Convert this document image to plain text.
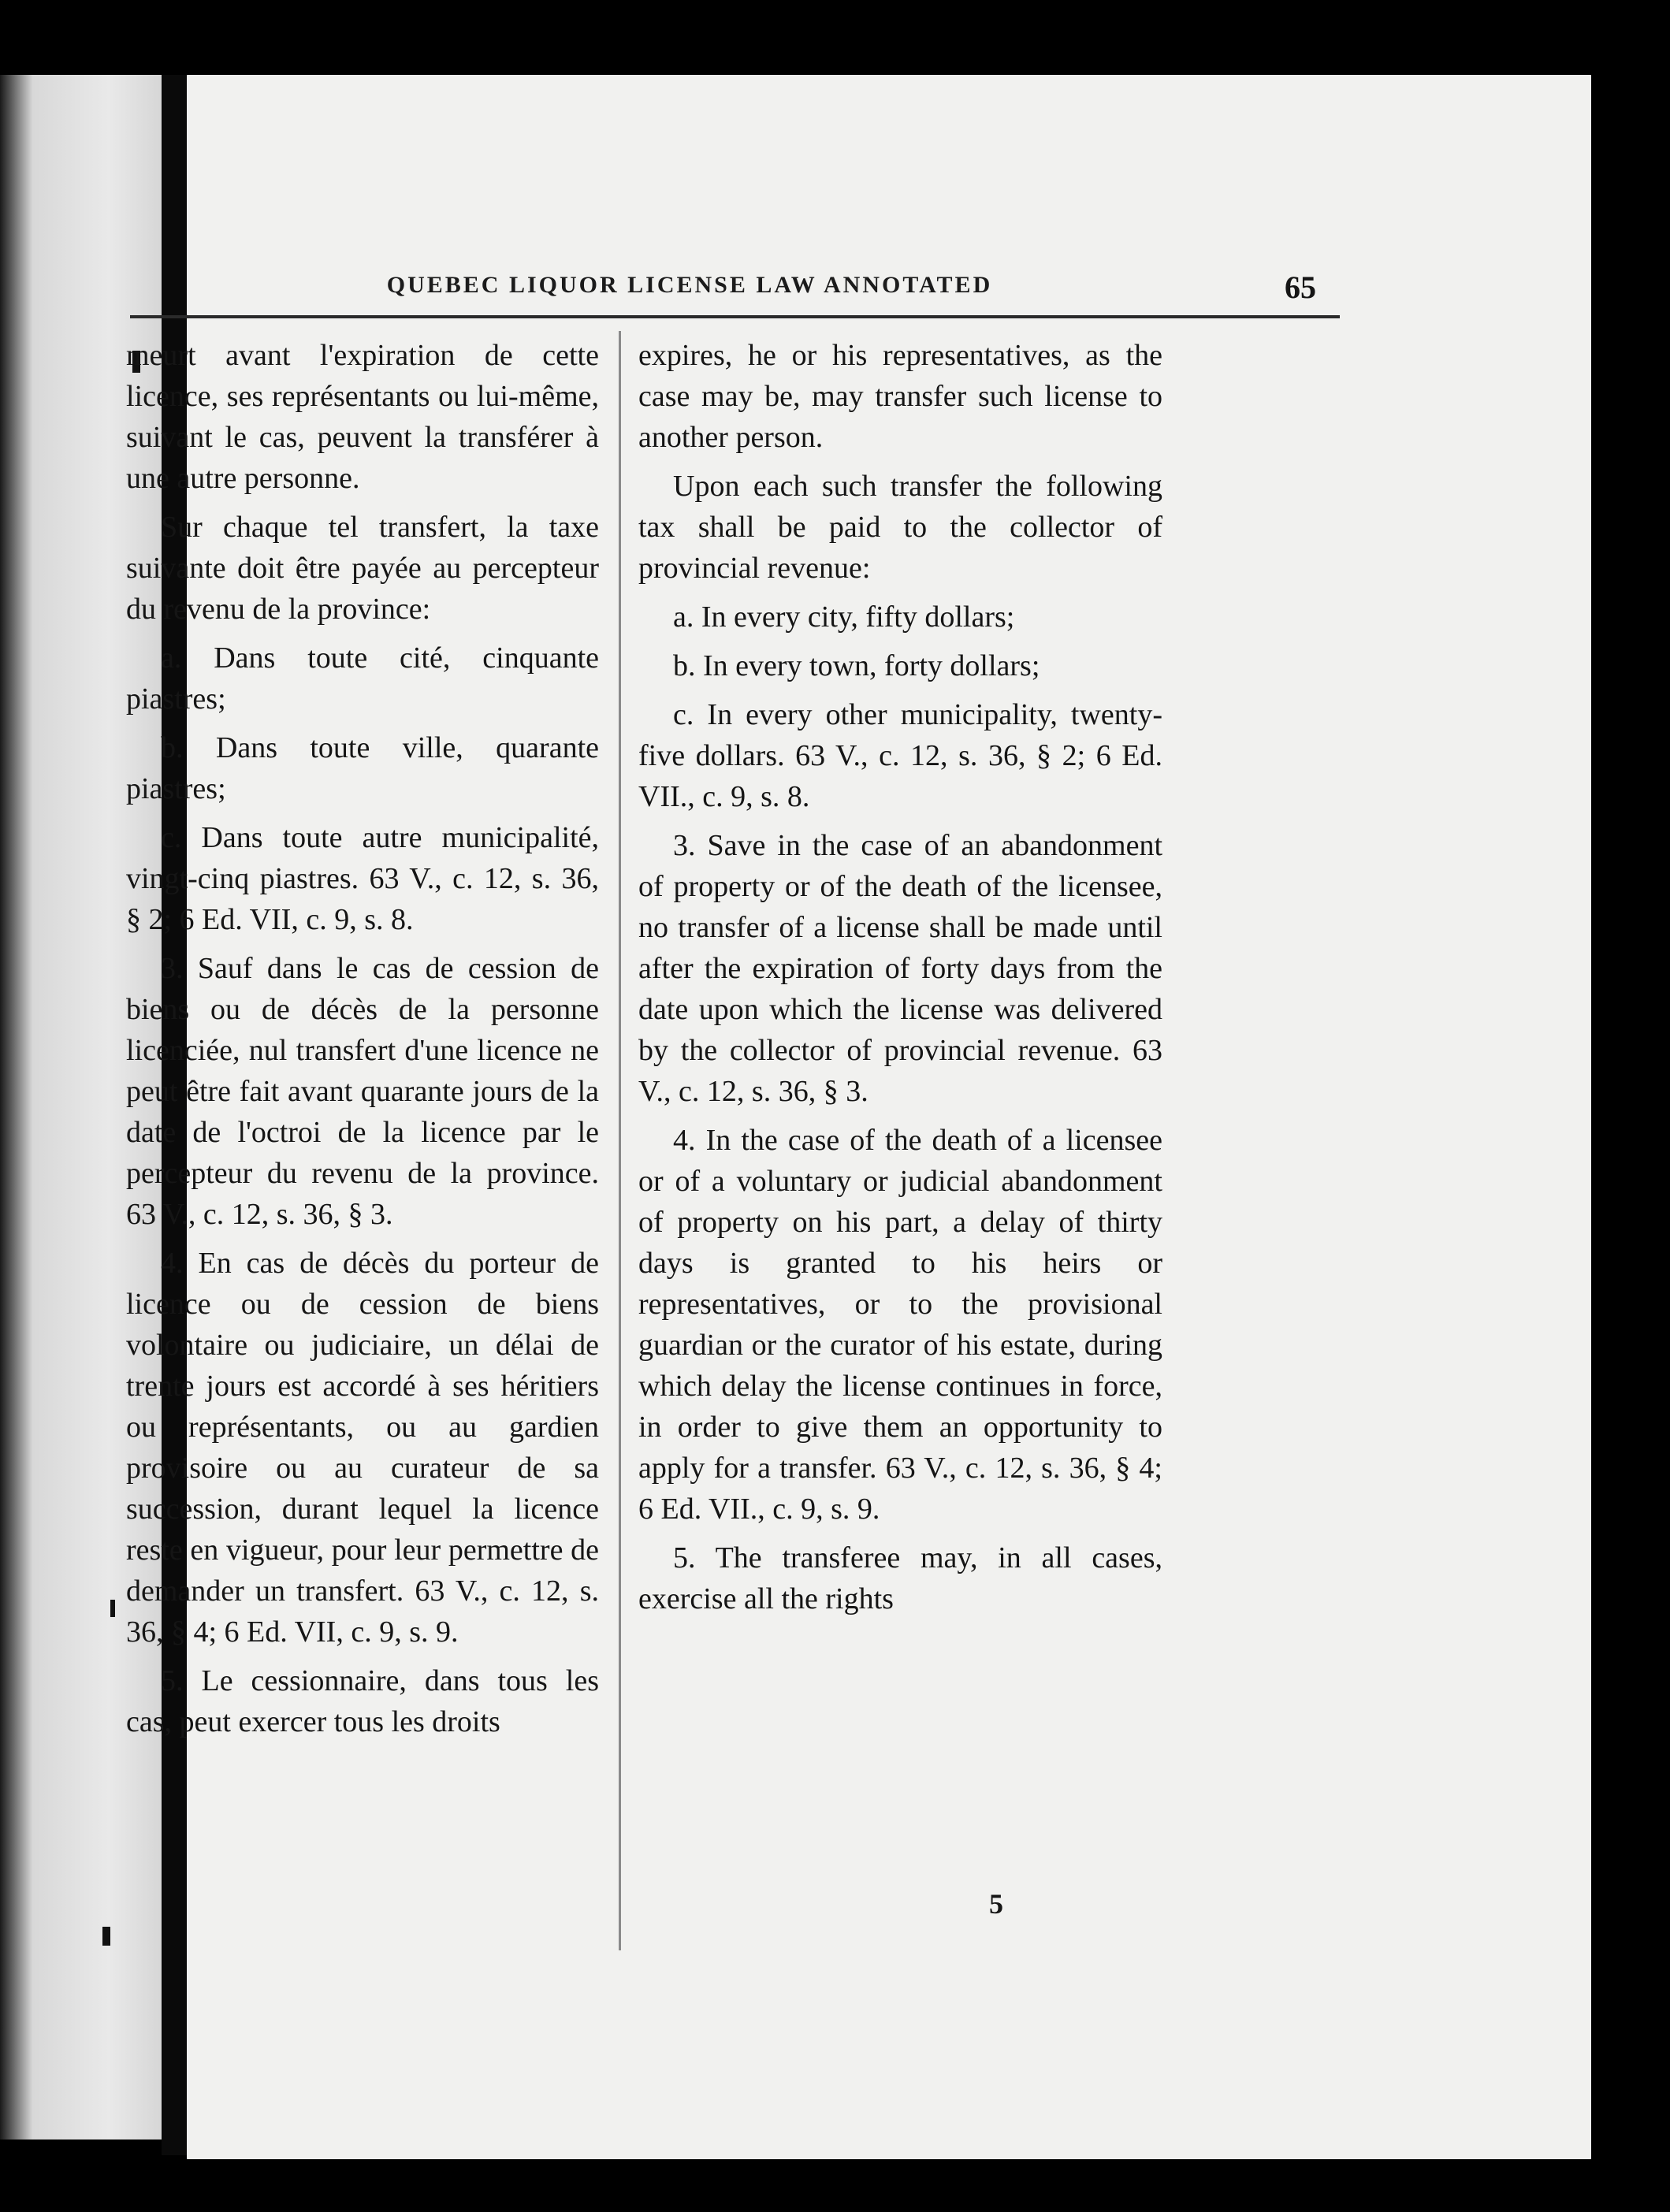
QUEBEC LIQUOR LICENSE LAW ANNOTATED	65

meurt avant l'expiration de cette licence, ses représentants ou lui-même, suivant le cas, peuvent la transférer à une autre personne.

Sur chaque tel transfert, la taxe suivante doit être payée au percepteur du revenu de la province:

a. Dans toute cité, cinquante piastres;

b. Dans toute ville, quarante piastres;

c. Dans toute autre municipalité, vingt-cinq piastres. 63 V., c. 12, s. 36, § 2; 6 Ed. VII, c. 9, s. 8.

3. Sauf dans le cas de cession de biens ou de décès de la personne licenciée, nul transfert d'une licence ne peut être fait avant quarante jours de la date de l'octroi de la licence par le percepteur du revenu de la province. 63 V., c. 12, s. 36, § 3.

4. En cas de décès du porteur de licence ou de cession de biens volontaire ou judiciaire, un délai de trente jours est accordé à ses héritiers ou représentants, ou au gardien provisoire ou au curateur de sa succession, durant lequel la licence reste en vigueur, pour leur permettre de demander un transfert. 63 V., c. 12, s. 36, § 4; 6 Ed. VII, c. 9, s. 9.

5. Le cessionnaire, dans tous les cas, peut exercer tous les droits

expires, he or his representatives, as the case may be, may transfer such license to another person.

Upon each such transfer the following tax shall be paid to the collector of provincial revenue:

a. In every city, fifty dollars;

b. In every town, forty dollars;

c. In every other municipality, twenty-five dollars. 63 V., c. 12, s. 36, § 2; 6 Ed. VII., c. 9, s. 8.

3. Save in the case of an abandonment of property or of the death of the licensee, no transfer of a license shall be made until after the expiration of forty days from the date upon which the license was delivered by the collector of provincial revenue. 63 V., c. 12, s. 36, § 3.

4. In the case of the death of a licensee or of a voluntary or judicial abandonment of property on his part, a delay of thirty days is granted to his heirs or representatives, or to the provisional guardian or the curator of his estate, during which delay the license continues in force, in order to give them an opportunity to apply for a transfer. 63 V., c. 12, s. 36, § 4; 6 Ed. VII., c. 9, s. 9.

5. The transferee may, in all cases, exercise all the rights

5
